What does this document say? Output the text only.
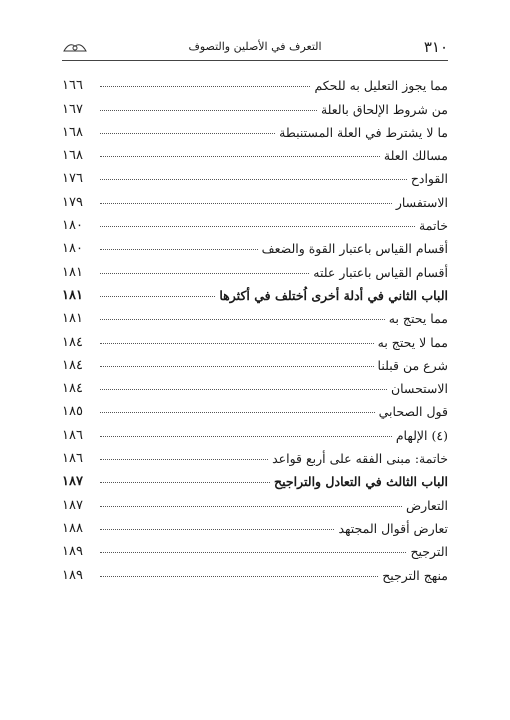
٣١٠
التعرف في الأصلين والتصوف
مما يجوز التعليل به للحكم
١٦٦
من شروط الإلحاق بالعلة
١٦٧
ما لا يشترط في العلة المستنبطة
١٦٨
مسالك العلة
١٦٨
القوادح
١٧٦
الاستفسار
١٧٩
خاتمة
١٨٠
أقسام القياس باعتبار القوة والضعف
١٨٠
أقسام القياس باعتبار علته
١٨١
الباب الثاني في أدلة أخرى اُختلف في أكثرها
١٨١
مما يحتج به
١٨١
مما لا يحتج به
١٨٤
شرع من قبلنا
١٨٤
الاستحسان
١٨٤
قول الصحابي
١٨٥
(٤) الإلهام
١٨٦
خاتمة: مبنى الفقه على أربع قواعد
١٨٦
الباب الثالث في التعادل والتراجيح
١٨٧
التعارض
١٨٧
تعارض أقوال المجتهد
١٨٨
الترجيح
١٨٩
منهج الترجيح
١٨٩
